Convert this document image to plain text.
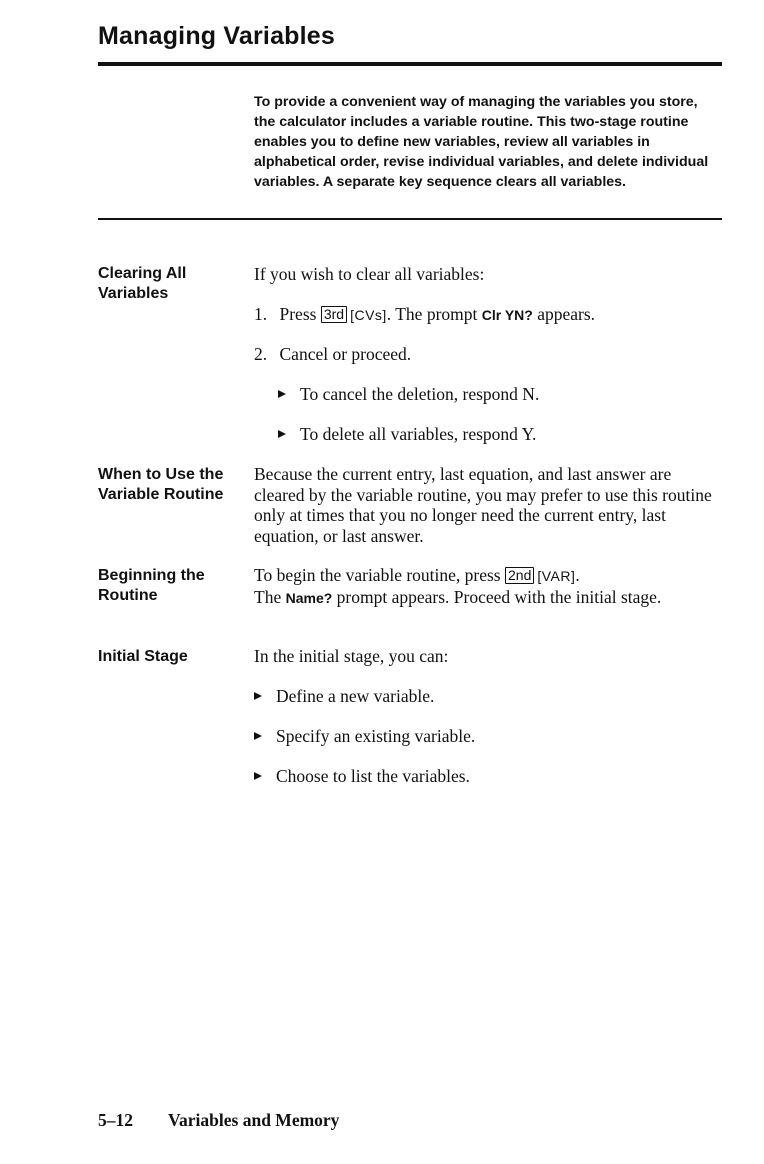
Managing Variables

To provide a convenient way of managing the variables you store, the calculator includes a variable routine. This two-stage routine enables you to define new variables, review all variables in alphabetical order, revise individual variables, and delete individual variables. A separate key sequence clears all variables.

Clearing All
Variables

If you wish to clear all variables:

1. Press 3rd [CVs]. The prompt Clr YN? appears.

2. Cancel or proceed.

To cancel the deletion, respond N.

To delete all variables, respond Y.

When to Use the
Variable Routine

Because the current entry, last equation, and last answer are cleared by the variable routine, you may prefer to use this routine only at times that you no longer need the current entry, last equation, or last answer.

Beginning the
Routine

To begin the variable routine, press 2nd [VAR].
The Name? prompt appears. Proceed with the initial stage.

Initial Stage	In the initial stage, you can:

Define a new variable.

Specify an existing variable.

Choose to list the variables.

5–12 Variables and Memory
